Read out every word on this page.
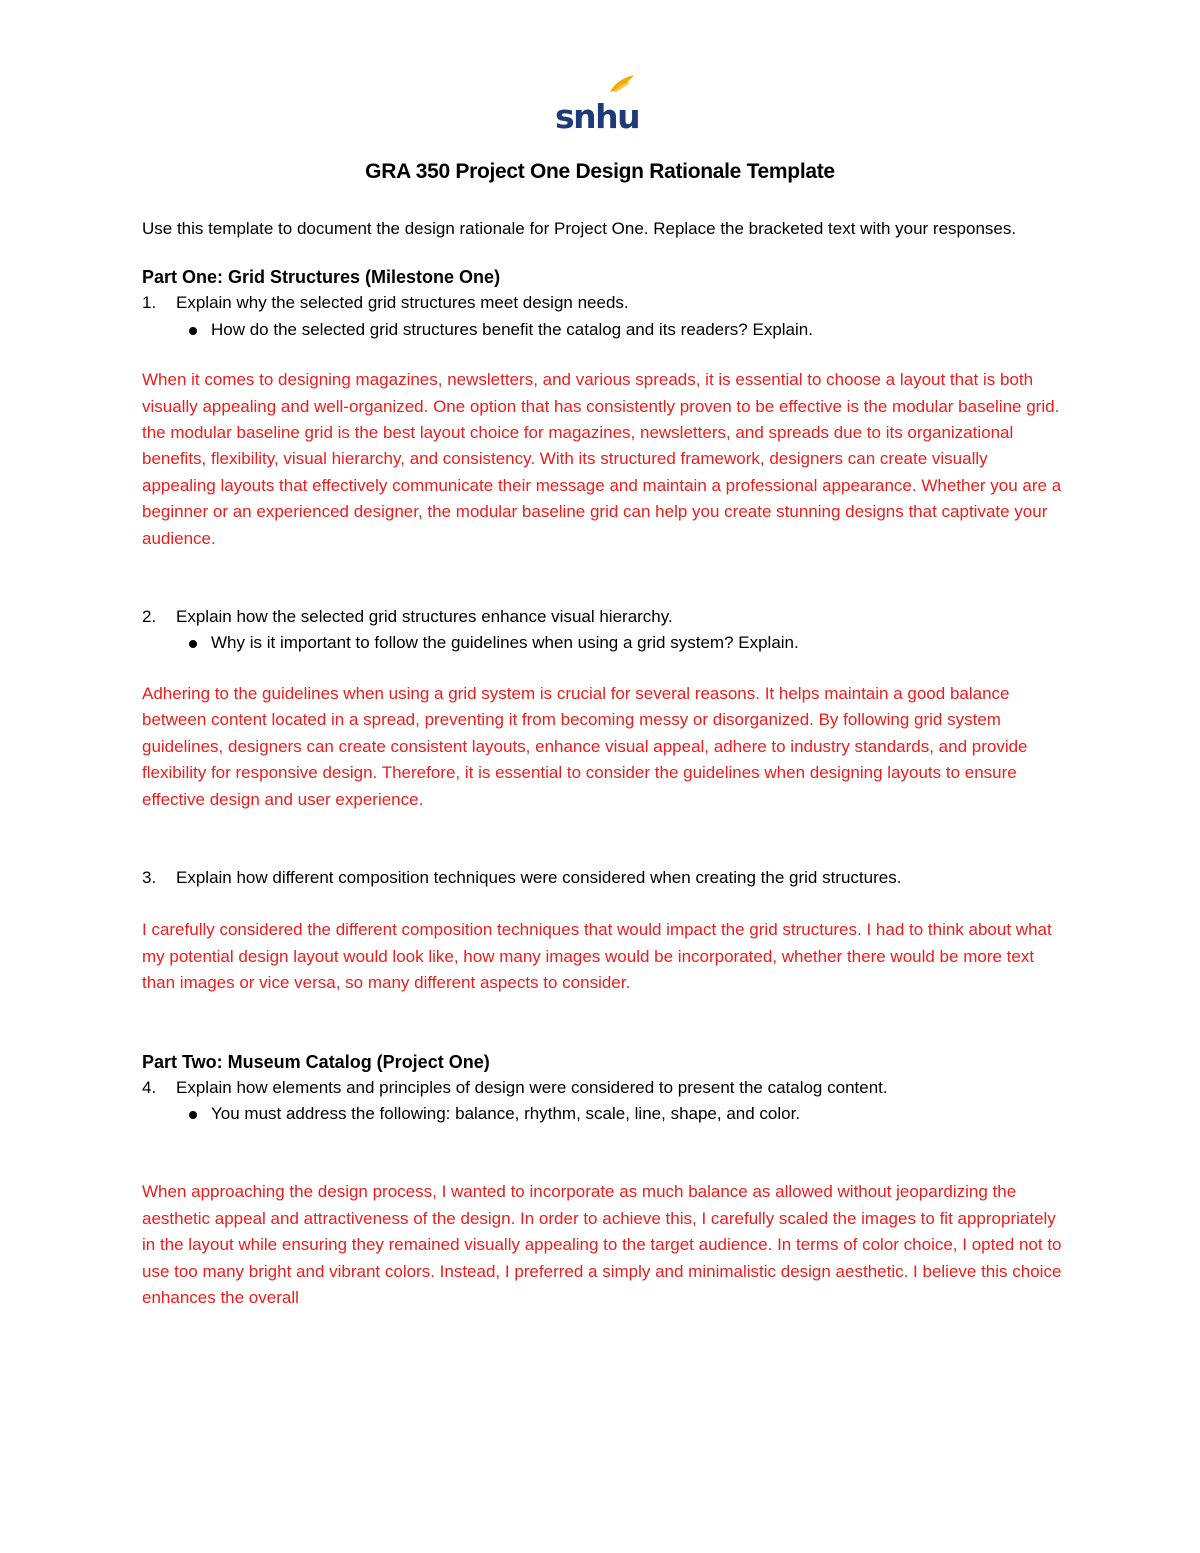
snhu
GRA 350 Project One Design Rationale Template

Use this template to document the design rationale for Project One. Replace the bracketed text with your responses.

Part One: Grid Structures (Milestone One)
1.	Explain why the selected grid structures meet design needs.
How do the selected grid structures benefit the catalog and its readers? Explain.

When it comes to designing magazines, newsletters, and various spreads, it is essential to choose a layout that is both visually appealing and well-organized. One option that has consistently proven to be effective is the modular baseline grid. the modular baseline grid is the best layout choice for magazines, newsletters, and spreads due to its organizational benefits, flexibility, visual hierarchy, and consistency. With its structured framework, designers can create visually appealing layouts that effectively communicate their message and maintain a professional appearance. Whether you are a beginner or an experienced designer, the modular baseline grid can help you create stunning designs that captivate your audience.

2.	Explain how the selected grid structures enhance visual hierarchy.
Why is it important to follow the guidelines when using a grid system? Explain.

Adhering to the guidelines when using a grid system is crucial for several reasons. It helps maintain a good balance between content located in a spread, preventing it from becoming messy or disorganized. By following grid system guidelines, designers can create consistent layouts, enhance visual appeal, adhere to industry standards, and provide flexibility for responsive design. Therefore, it is essential to consider the guidelines when designing layouts to ensure effective design and user experience.

3.	Explain how different composition techniques were considered when creating the grid structures.

I carefully considered the different composition techniques that would impact the grid structures. I had to think about what my potential design layout would look like, how many images would be incorporated, whether there would be more text than images or vice versa, so many different aspects to consider.

Part Two: Museum Catalog (Project One)
4.	Explain how elements and principles of design were considered to present the catalog content.
You must address the following: balance, rhythm, scale, line, shape, and color.

When approaching the design process, I wanted to incorporate as much balance as allowed without jeopardizing the aesthetic appeal and attractiveness of the design. In order to achieve this, I carefully scaled the images to fit appropriately in the layout while ensuring they remained visually appealing to the target audience. In terms of color choice, I opted not to use too many bright and vibrant colors. Instead, I preferred a simply and minimalistic design aesthetic. I believe this choice enhances the overall
